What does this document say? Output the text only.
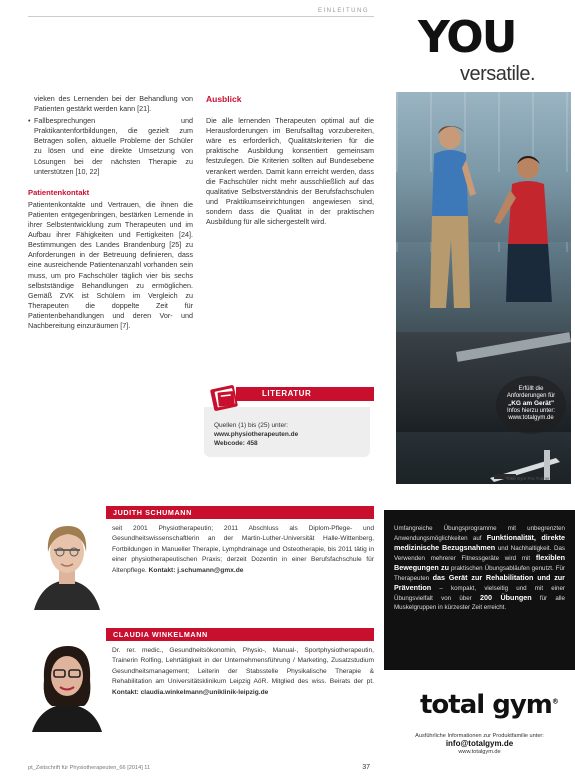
EINLEITUNG

vieken des Lernenden bei der Behandlung von Patienten gestärkt werden kann [21].

• Fallbesprechungen und Praktikantenfortbildungen, die gezielt zum Betragen sollen, aktuelle Probleme der Schüler zu lösen und eine direkte Umsetzung von Lösungen bei der nächsten Therapie zu unterstützen [10, 22]

Patientenkontakt

Patientenkontakte und Vertrauen, die ihnen die Patienten entgegenbringen, bestärken Lernende in ihrer Selbstentwicklung zum Therapeuten und im Aufbau ihrer Fähigkeiten und Fertigkeiten [24]. Bestimmungen des Landes Brandenburg [25] zu Anforderungen in der Betreuung definieren, dass eine ausreichende Patientenanzahl vorhanden sein muss, um pro Fachschüler täglich vier bis sechs selbstständige Behandlungen zu ermöglichen. Gemäß ZVK ist Schülern im Vergleich zu Therapeuten die doppelte Zeit für Patientenbehandlungen und deren Vor- und Nachbereitung einzuräumen [7].

Ausblick

Die alle lernenden Therapeuten optimal auf die Herausforderungen im Berufsalltag vorzubereiten, wäre es erforderlich, Qualitätskriterien für die praktische Ausbildung konsentiert gemeinsam festzulegen. Die Kriterien sollten auf Bundesebene verankert werden. Damit kann erreicht werden, dass die Fachschüler nicht mehr ausschließlich auf das qualitative Selbstverständnis der Berufsfachschulen und Praktikumseinrichtungen angewiesen sind, sondern dass die Qualität in der praktischen Ausbildung für alle sichergestellt wird.

Quellen (1) bis (25) unter:
www.physiotherapeuten.de
Webcode: 458
LITERATUR
YOU
versatile.
Erfüllt die
Anforderungen für
„KG am Gerät"
Infos hierzu unter:
www.totalgym.de
Total Gym Pro Trainer
Umfangreiche Übungsprogramme mit unbegrenzten Anwendungsmöglichkeiten auf Funktionalität, direkte medizinische Bezugsnahmen und Nachhaltigkeit. Das Verwenden mehrerer Fitnessgeräte wird mit flexiblen Bewegungen zu praktischen Übungsabläufen genutzt. Für Therapeuten das Gerät zur Rehabilitation und zur Prävention – kompakt, vielseitig und mit einer Übungsvielfalt von über 200 Übungen für alle Muskelgruppen in kürzester Zeit erreicht.
total gym®
Ausführliche Informationen zur Produktfamilie unter:
info@totalgym.de
www.totalgym.de
JUDITH SCHUMANN
seit 2001 Physiotherapeutin; 2011 Abschluss als Diplom-Pflege- und Gesundheitswissenschaftlerin an der Martin-Luther-Universität Halle-Wittenberg, Fortbildungen in Manueller Therapie, Lymphdrainage und Osteotherapie, bis 2011 tätig in einer physiotherapeutischen Praxis; derzeit Dozentin in einer Berufsfachschule für Altenpflege. Kontakt: j.schumann@gmx.de
CLAUDIA WINKELMANN
Dr. rer. medic., Gesundheitsökonomin, Physio-, Manual-, Sportphysiotherapeutin, Trainerin Rolfing, Lehrtätigkeit in der Unternehmensführung / Marketing, Zusatzstudium Gesundheitsmanagement; Leiterin der Stabsstelle Physikalische Therapie & Rehabilitation am Universitätsklinikum Leipzig AöR. Mitglied des wiss. Beirats der pt. Kontakt: claudia.winkelmann@uniklinik-leipzig.de
pt_Zeitschrift für Physiotherapeuten_66 [2014] 11	37
